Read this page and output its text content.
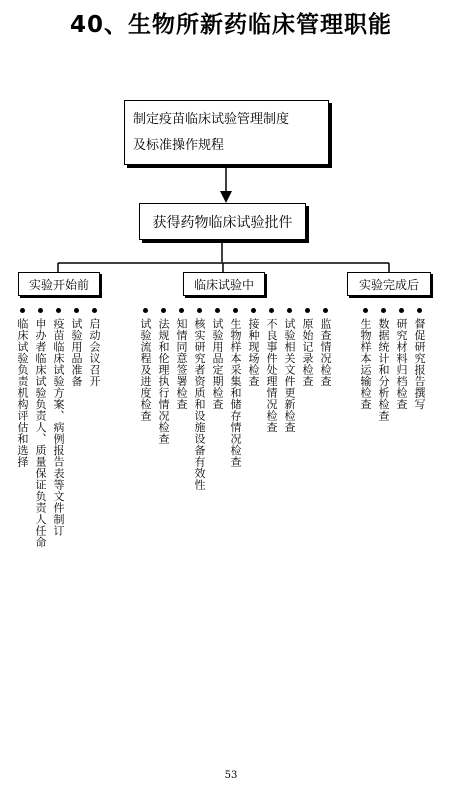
40、生物所新药临床管理职能
制定疫苗临床试验管理制度
及标准操作规程
获得药物临床试验批件
实验开始前	临床试验中	实验完成后
启动会议召开
试验用品准备
疫苗临床试验方案、病例报告表等文件制订
申办者临床试验负责人、质量保证负责人任命
临床试验负责机构评估和选择	监查情况检查
原始记录检查
试验相关文件更新检查
不良事件处理情况检查
接种现场检查
生物样本采集和储存情况检查
试验用品定期检查
核实研究者资质和设施设备有效性
知情同意签署检查
法规和伦理执行情况检查
试验流程及进度检查	督促研究报告撰写
研究材料归档检查
数据统计和分析检查
生物样本运输检查
53
